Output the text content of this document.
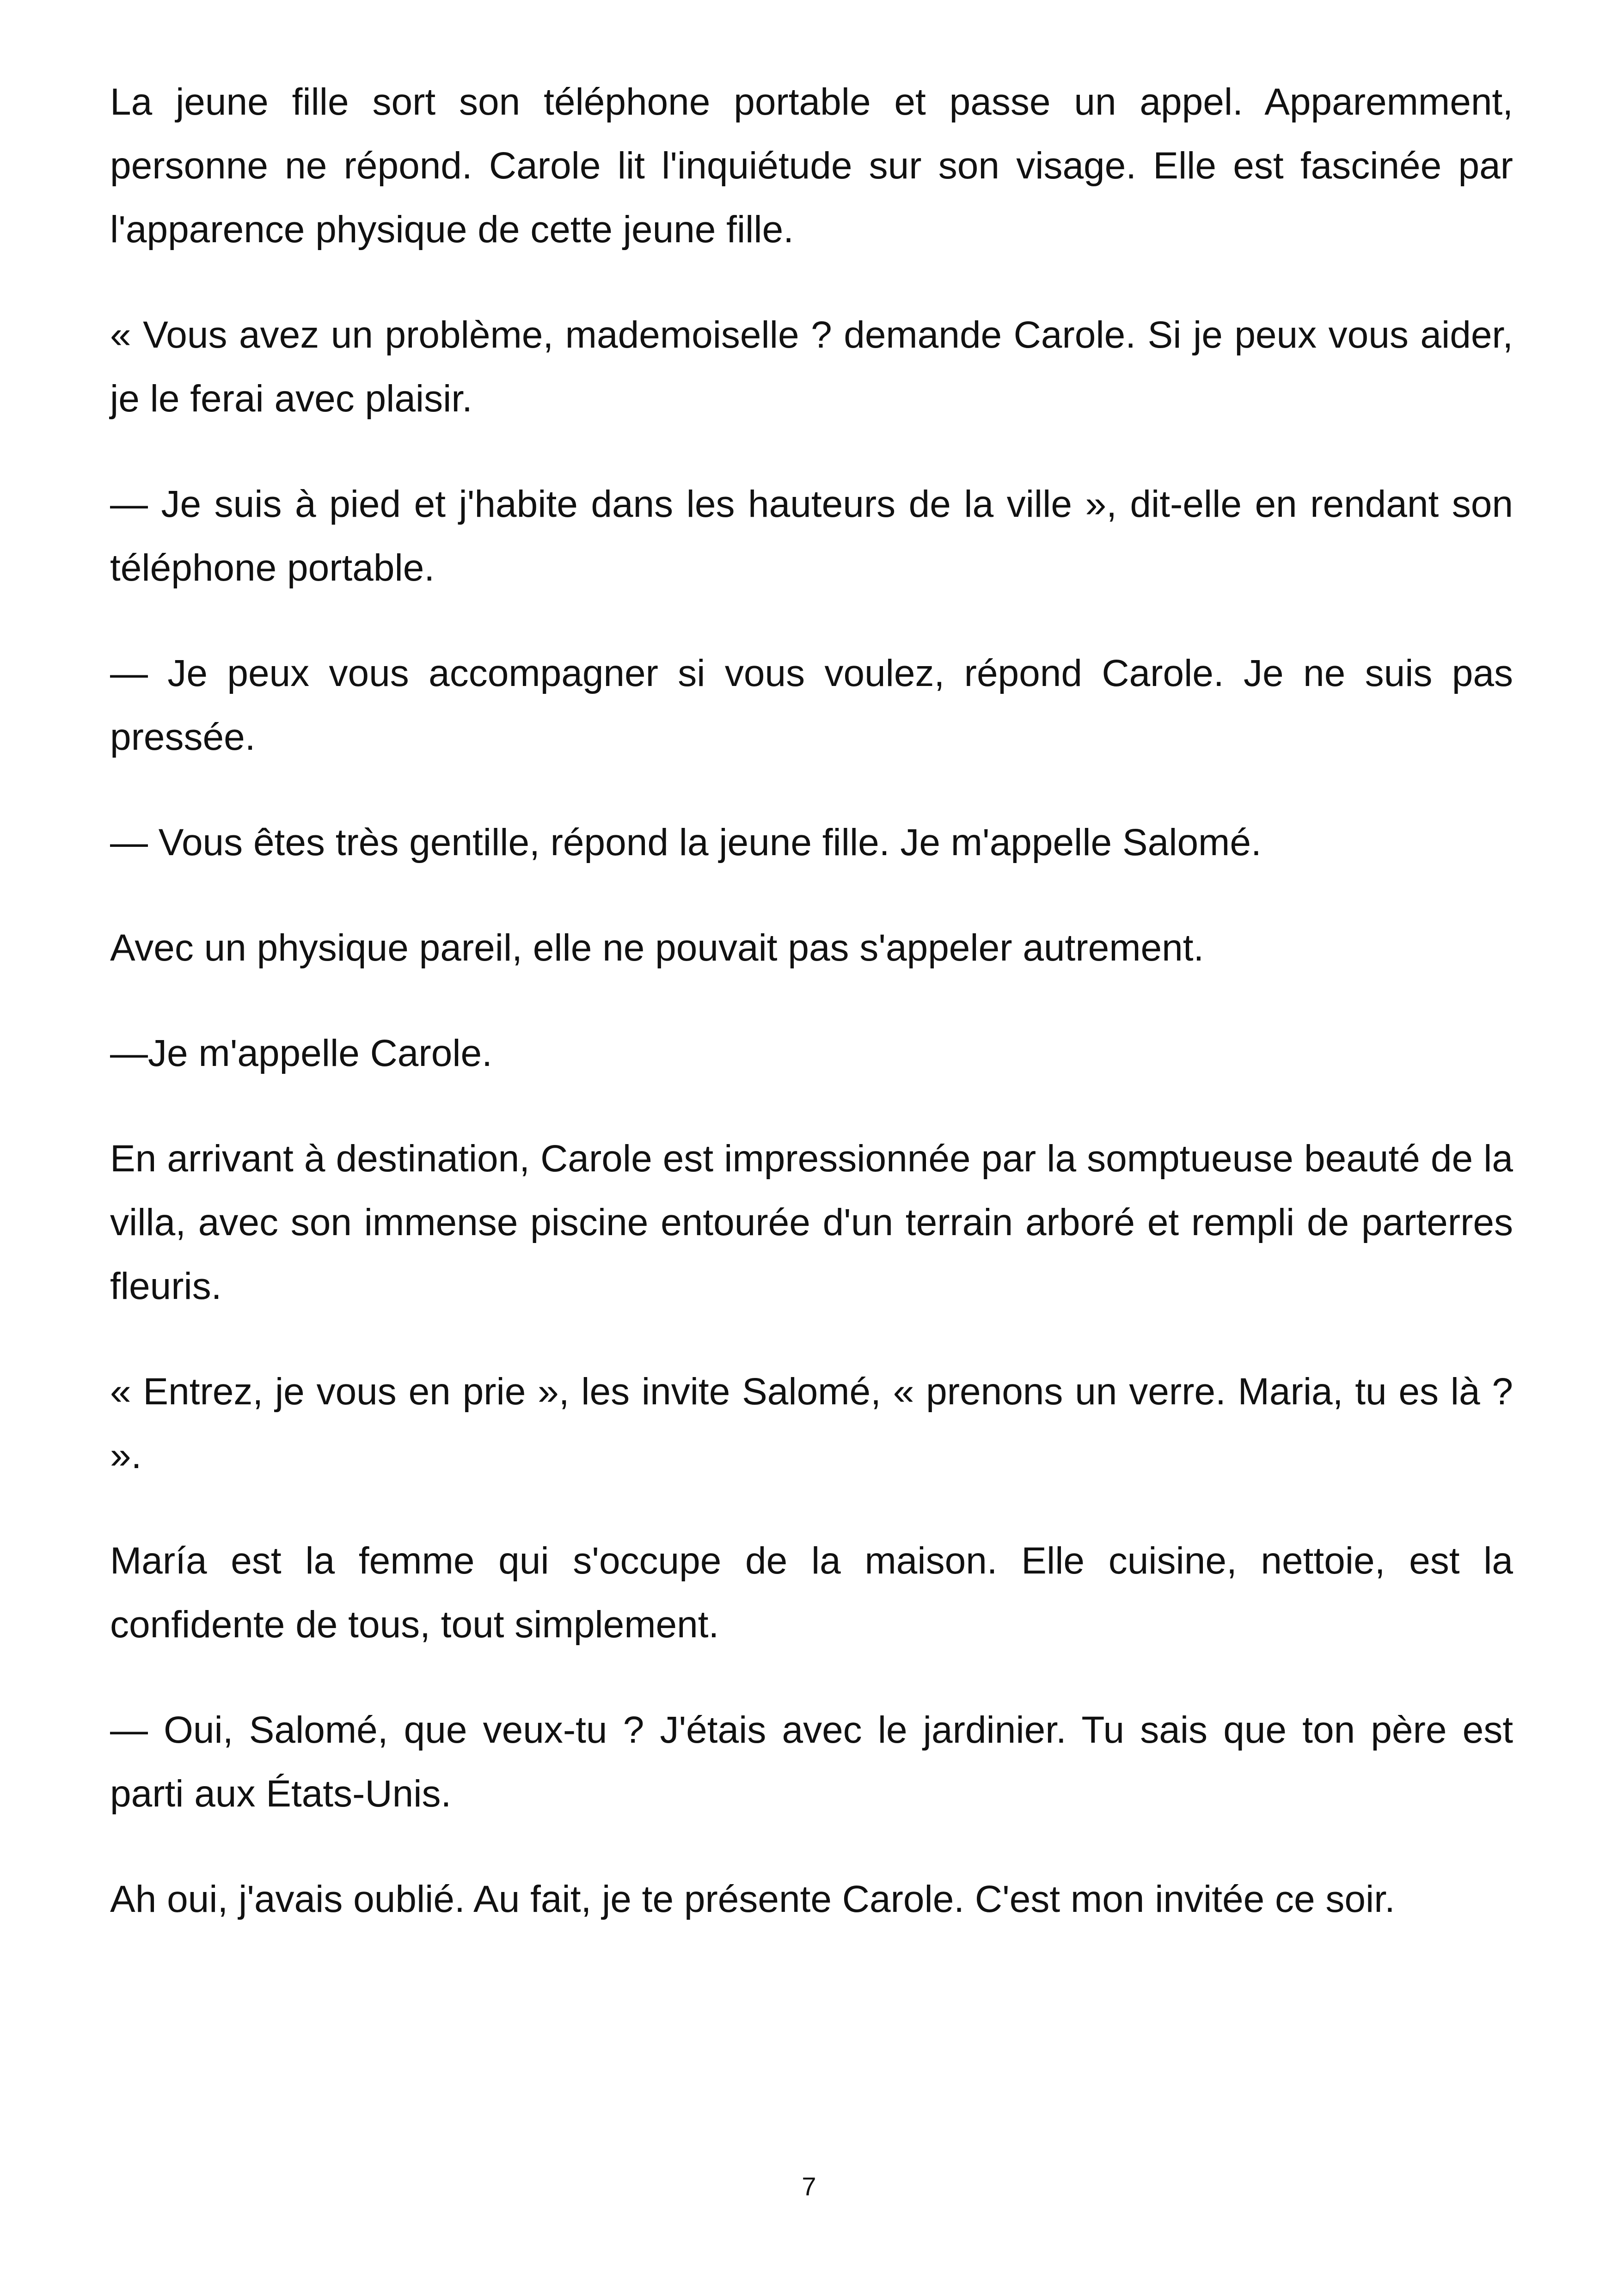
La jeune fille sort son téléphone portable et passe un appel. Apparemment, personne ne répond. Carole lit l'inquiétude sur son visage. Elle est fascinée par l'apparence physique de cette jeune fille.

« Vous avez un problème, mademoiselle ? demande Carole. Si je peux vous aider, je le ferai avec plaisir.

— Je suis à pied et j'habite dans les hauteurs de la ville », dit-elle en rendant son téléphone portable.

— Je peux vous accompagner si vous voulez, répond Carole. Je ne suis pas pressée.

— Vous êtes très gentille, répond la jeune fille. Je m'appelle Salomé.

Avec un physique pareil, elle ne pouvait pas s'appeler autrement.

—Je m'appelle Carole.

En arrivant à destination, Carole est impressionnée par la somptueuse beauté de la villa, avec son immense piscine entourée d'un terrain arboré et rempli de parterres fleuris.

« Entrez, je vous en prie », les invite Salomé, « prenons un verre. Maria, tu es là ? ».

María est la femme qui s'occupe de la maison. Elle cuisine, nettoie, est la confidente de tous, tout simplement.

— Oui, Salomé, que veux-tu ? J'étais avec le jardinier. Tu sais que ton père est parti aux États-Unis.

Ah oui, j'avais oublié. Au fait, je te présente Carole. C'est mon invitée ce soir.

7
